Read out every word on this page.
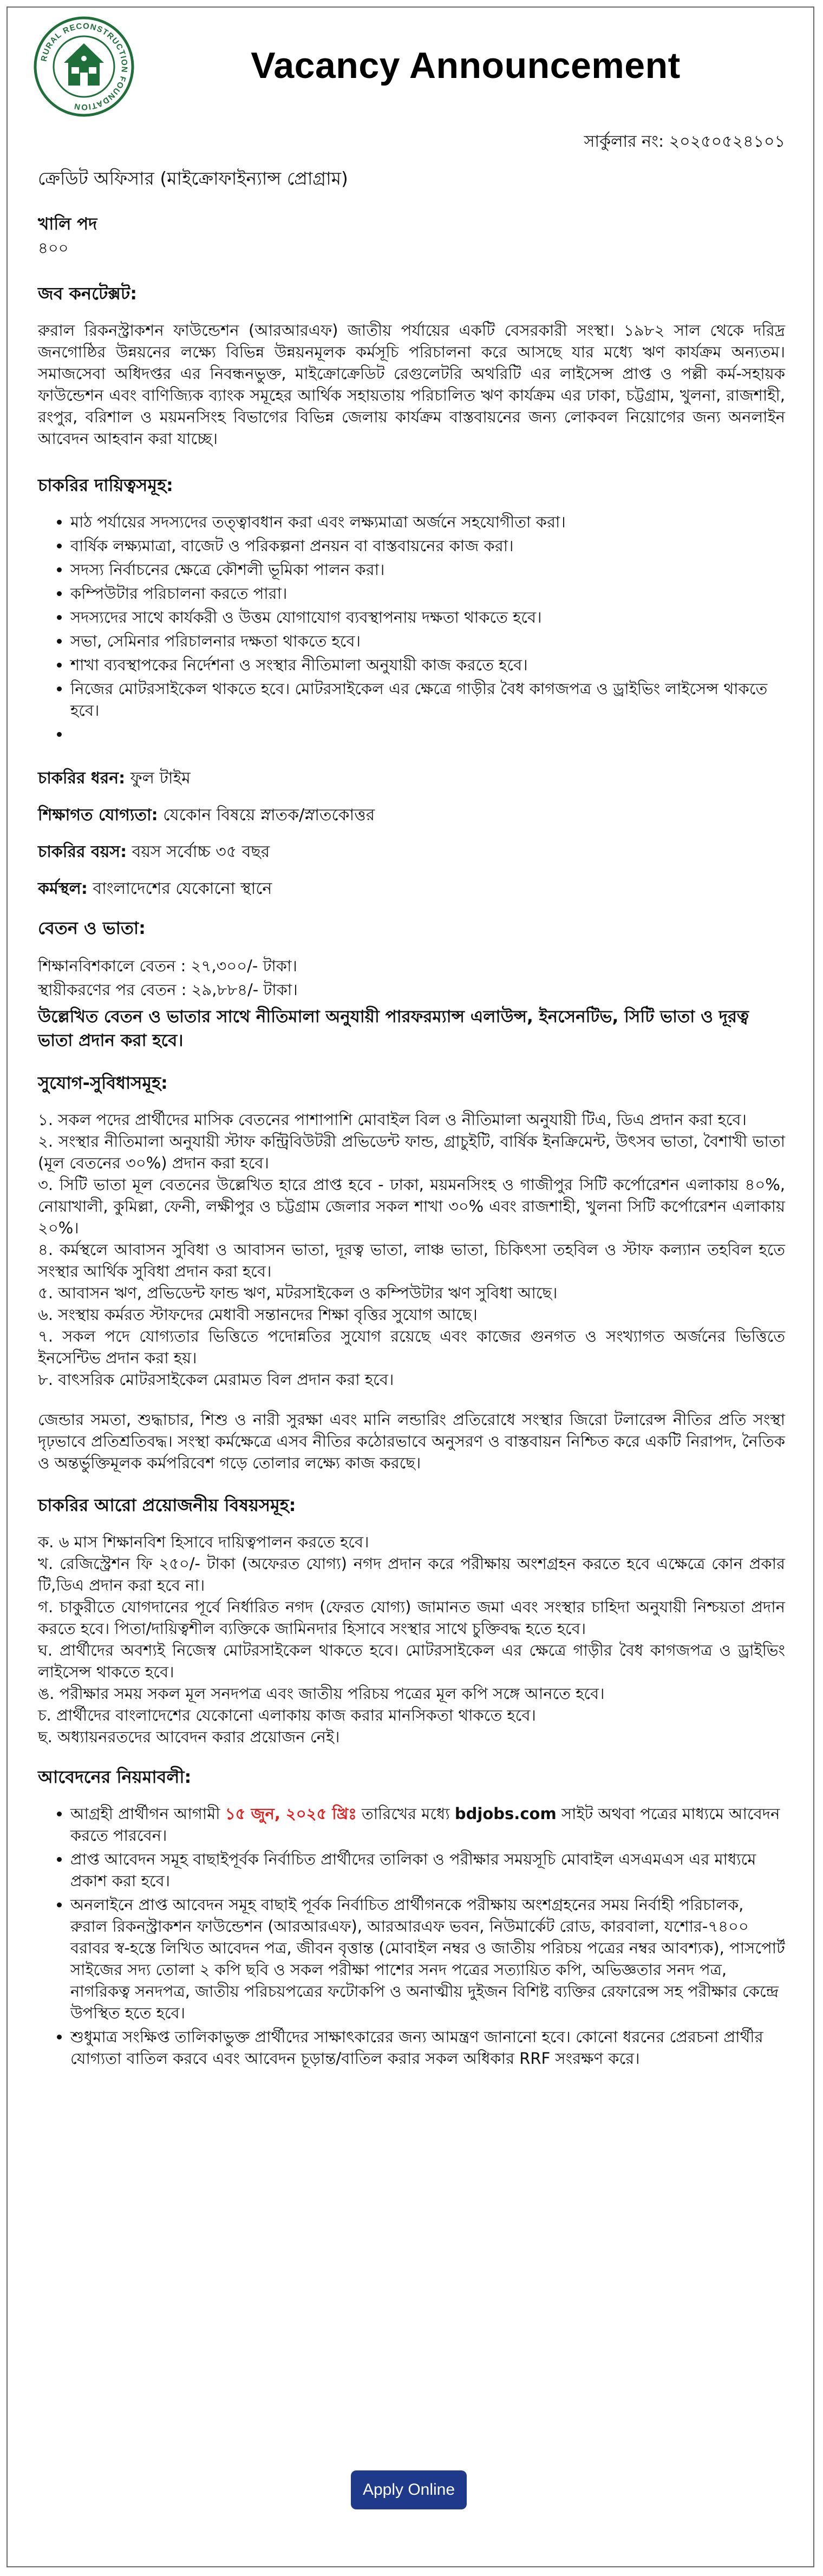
RURAL RECONSTRUCTION FOUNDATION
Vacancy Announcement
সার্কুলার নং: ২০২৫০৫২৪১০১
ক্রেডিট অফিসার (মাইক্রোফাইন্যান্স প্রোগ্রাম)
খালি পদ
৪০০
জব কনটেক্সট:
রুরাল রিকনস্ট্রাকশন ফাউন্ডেশন (আরআরএফ) জাতীয় পর্যায়ের একটি বেসরকারী সংস্থা। ১৯৮২ সাল থেকে দরিদ্র জনগোষ্ঠির উন্নয়নের লক্ষ্যে বিভিন্ন উন্নয়নমূলক কর্মসূচি পরিচালনা করে আসছে যার মধ্যে ঋণ কার্যক্রম অন্যতম। সমাজসেবা অধিদপ্তর এর নিবন্ধনভুক্ত, মাইক্রোক্রেডিট রেগুলেটরি অথরিটি এর লাইসেন্স প্রাপ্ত ও পল্লী কর্ম-সহায়ক ফাউন্ডেশন এবং বাণিজ্যিক ব্যাংক সমূহের আর্থিক সহায়তায় পরিচালিত ঋণ কার্যক্রম এর ঢাকা, চট্টগ্রাম, খুলনা, রাজশাহী, রংপুর, বরিশাল ও ময়মনসিংহ বিভাগের বিভিন্ন জেলায় কার্যক্রম বাস্তবায়নের জন্য লোকবল নিয়োগের জন্য অনলাইন আবেদন আহবান করা যাচ্ছে।
চাকরির দায়িত্বসমূহ:
• মাঠ পর্যায়ের সদস্যদের তত্ত্বাবধান করা এবং লক্ষ্যমাত্রা অর্জনে সহযোগীতা করা।
• বার্ষিক লক্ষ্যমাত্রা, বাজেট ও পরিকল্পনা প্রনয়ন বা বাস্তবায়নের কাজ করা।
• সদস্য নির্বাচনের ক্ষেত্রে কৌশলী ভূমিকা পালন করা।
• কম্পিউটার পরিচালনা করতে পারা।
• সদস্যদের সাথে কার্যকরী ও উত্তম যোগাযোগ ব্যবস্থাপনায় দক্ষতা থাকতে হবে।
• সভা, সেমিনার পরিচালনার দক্ষতা থাকতে হবে।
• শাখা ব্যবস্থাপকের নির্দেশনা ও সংস্থার নীতিমালা অনুযায়ী কাজ করতে হবে।
• নিজের মোটরসাইকেল থাকতে হবে। মোটরসাইকেল এর ক্ষেত্রে গাড়ীর বৈধ কাগজপত্র ও ড্রাইভিং লাইসেন্স থাকতে হবে।
•
চাকরির ধরন: ফুল টাইম
শিক্ষাগত যোগ্যতা: যেকোন বিষয়ে স্নাতক/স্নাতকোত্তর
চাকরির বয়স: বয়স সর্বোচ্চ ৩৫ বছর
কর্মস্থল: বাংলাদেশের যেকোনো স্থানে
বেতন ও ভাতা:
শিক্ষানবিশকালে বেতন : ২৭,৩০০/- টাকা।
স্থায়ীকরণের পর বেতন : ২৯,৮৮৪/- টাকা।
উল্লেখিত বেতন ও ভাতার সাথে নীতিমালা অনুযায়ী পারফরম্যান্স এলাউন্স, ইনসেনটিভ, সিটি ভাতা ও দূরত্ব ভাতা প্রদান করা হবে।
সুযোগ-সুবিধাসমূহ:
১. সকল পদের প্রার্থীদের মাসিক বেতনের পাশাপাশি মোবাইল বিল ও নীতিমালা অনুযায়ী টিএ, ডিএ প্রদান করা হবে।
২. সংস্থার নীতিমালা অনুযায়ী স্টাফ কন্ট্রিবিউটরী প্রভিডেন্ট ফান্ড, গ্রাচুইটি, বার্ষিক ইনক্রিমেন্ট, উৎসব ভাতা, বৈশাখী ভাতা (মূল বেতনের ৩০%) প্রদান করা হবে।
৩. সিটি ভাতা মূল বেতনের উল্লেখিত হারে প্রাপ্ত হবে - ঢাকা, ময়মনসিংহ ও গাজীপুর সিটি কর্পোরেশন এলাকায় ৪০%, নোয়াখালী, কুমিল্লা, ফেনী, লক্ষীপুর ও চট্টগ্রাম জেলার সকল শাখা ৩০% এবং রাজশাহী, খুলনা সিটি কর্পোরেশন এলাকায় ২০%।
৪. কর্মস্থলে আবাসন সুবিধা ও আবাসন ভাতা, দূরত্ব ভাতা, লাঞ্চ ভাতা, চিকিৎসা তহবিল ও স্টাফ কল্যান তহবিল হতে সংস্থার আর্থিক সুবিধা প্রদান করা হবে।
৫. আবাসন ঋণ, প্রভিডেন্ট ফান্ড ঋণ, মটরসাইকেল ও কম্পিউটার ঋণ সুবিধা আছে।
৬. সংস্থায় কর্মরত স্টাফদের মেধাবী সন্তানদের শিক্ষা বৃত্তির সুযোগ আছে।
৭. সকল পদে যোগ্যতার ভিত্তিতে পদোন্নতির সুযোগ রয়েছে এবং কাজের গুনগত ও সংখ্যাগত অর্জনের ভিত্তিতে ইনসেন্টিভ প্রদান করা হয়।
৮. বাৎসরিক মোটরসাইকেল মেরামত বিল প্রদান করা হবে।
জেন্ডার সমতা, শুদ্ধাচার, শিশু ও নারী সুরক্ষা এবং মানি লন্ডারিং প্রতিরোধে সংস্থার জিরো টলারেন্স নীতির প্রতি সংস্থা দৃঢ়ভাবে প্রতিশ্রতিবদ্ধ। সংস্থা কর্মক্ষেত্রে এসব নীতির কঠোরভাবে অনুসরণ ও বাস্তবায়ন নিশ্চিত করে একটি নিরাপদ, নৈতিক ও অন্তর্ভুক্তিমূলক কর্মপরিবেশ গড়ে তোলার লক্ষ্যে কাজ করছে।
চাকরির আরো প্রয়োজনীয় বিষয়সমূহ:
ক. ৬ মাস শিক্ষানবিশ হিসাবে দায়িত্বপালন করতে হবে।
খ. রেজিস্ট্রেশন ফি ২৫০/- টাকা (অফেরত যোগ্য) নগদ প্রদান করে পরীক্ষায় অংশগ্রহন করতে হবে এক্ষেত্রে কোন প্রকার টি,ডিএ প্রদান করা হবে না।
গ. চাকুরীতে যোগদানের পূর্বে নির্ধারিত নগদ (ফেরত যোগ্য) জামানত জমা এবং সংস্থার চাহিদা অনুযায়ী নিশ্চয়তা প্রদান করতে হবে। পিতা/দায়িত্বশীল ব্যক্তিকে জামিনদার হিসাবে সংস্থার সাথে চুক্তিবদ্ধ হতে হবে।
ঘ. প্রার্থীদের অবশ্যই নিজেস্ব মোটরসাইকেল থাকতে হবে। মোটরসাইকেল এর ক্ষেত্রে গাড়ীর বৈধ কাগজপত্র ও ড্রাইভিং লাইসেন্স থাকতে হবে।
ঙ. পরীক্ষার সময় সকল মূল সনদপত্র এবং জাতীয় পরিচয় পত্রের মূল কপি সঙ্গে আনতে হবে।
চ. প্রার্থীদের বাংলাদেশের যেকোনো এলাকায় কাজ করার মানসিকতা থাকতে হবে।
ছ. অধ্যায়নরতদের আবেদন করার প্রয়োজন নেই।
আবেদনের নিয়মাবলী:
• আগ্রহী প্রার্থীগন আগামী ১৫ জুন, ২০২৫ খ্রিঃ তারিখের মধ্যে bdjobs.com সাইট অথবা পত্রের মাধ্যমে আবেদন করতে পারবেন।
• প্রাপ্ত আবেদন সমূহ বাছাইপূর্বক নির্বাচিত প্রার্থীদের তালিকা ও পরীক্ষার সময়সূচি মোবাইল এসএমএস এর মাধ্যমে প্রকাশ করা হবে।
• অনলাইনে প্রাপ্ত আবেদন সমূহ বাছাই পূর্বক নির্বাচিত প্রার্থীগনকে পরীক্ষায় অংশগ্রহনের সময় নির্বাহী পরিচালক, রুরাল রিকনস্ট্রাকশন ফাউন্ডেশন (আরআরএফ), আরআরএফ ভবন, নিউমার্কেট রোড, কারবালা, যশোর-৭৪০০ বরাবর স্ব-হস্তে লিখিত আবেদন পত্র, জীবন বৃত্তান্ত (মোবাইল নম্বর ও জাতীয় পরিচয় পত্রের নম্বর আবশ্যক), পাসপোর্ট সাইজের সদ্য তোলা ২ কপি ছবি ও সকল পরীক্ষা পাশের সনদ পত্রের সত্যায়িত কপি, অভিজ্ঞতার সনদ পত্র, নাগরিকত্ব সনদপত্র, জাতীয় পরিচয়পত্রের ফটোকপি ও অনাত্মীয় দুইজন বিশিষ্ট ব্যক্তির রেফারেন্স সহ পরীক্ষার কেন্দ্রে উপস্থিত হতে হবে।
• শুধুমাত্র সংক্ষিপ্ত তালিকাভুক্ত প্রার্থীদের সাক্ষাৎকারের জন্য আমন্ত্রণ জানানো হবে। কোনো ধরনের প্রেরচনা প্রার্থীর যোগ্যতা বাতিল করবে এবং আবেদন চূড়ান্ত/বাতিল করার সকল অধিকার RRF সংরক্ষণ করে।
Apply Online
